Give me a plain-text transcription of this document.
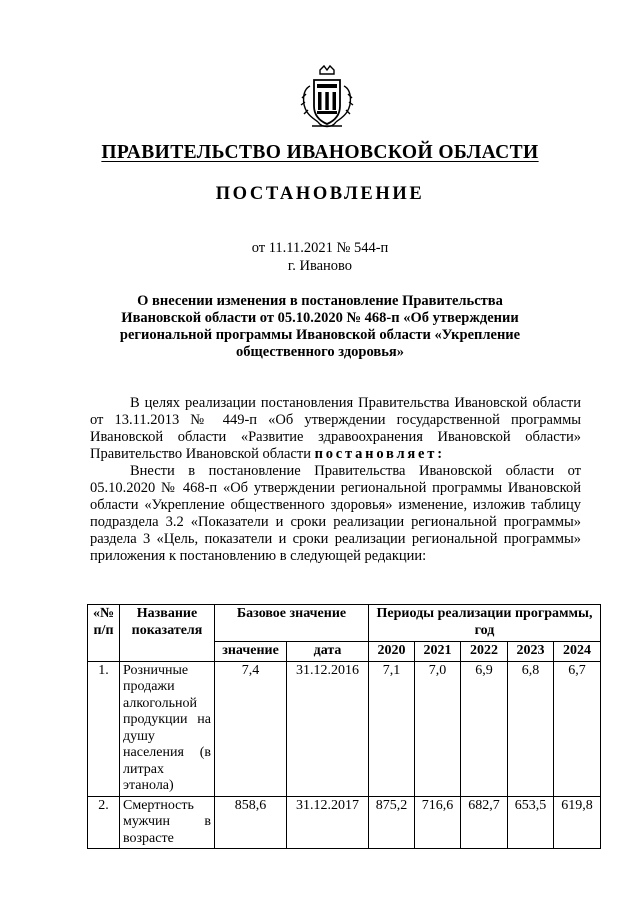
ПРАВИТЕЛЬСТВО ИВАНОВСКОЙ ОБЛАСТИ
ПОСТАНОВЛЕНИЕ
от 11.11.2021 № 544-п
г. Иваново
О внесении изменения в постановление Правительства
Ивановской области от 05.10.2020 № 468-п «Об утверждении
региональной программы Ивановской области «Укрепление
общественного здоровья»

В целях реализации постановления Правительства Ивановской области от 13.11.2013 № 449-п «Об утверждении государственной программы Ивановской области «Развитие здравоохранения Ивановской области» Правительство Ивановской области постановляет:

Внести в постановление Правительства Ивановской области от 05.10.2020 № 468-п «Об утверждении региональной программы Ивановской области «Укрепление общественного здоровья» изменение, изложив таблицу подраздела 3.2 «Показатели и сроки реализации региональной программы» раздела 3 «Цель, показатели и сроки реализации региональной программы» приложения к постановлению в следующей редакции:

«№ п/п	Название показателя	Базовое значение		Периоды реализации программы, год				
		значение	дата	2020	2021	2022	2023	2024
1.	Розничные продажи алкогольной продукции на душу населения (в литрах этанола)	7,4	31.12.2016	7,1	7,0	6,9	6,8	6,7
2.	Смертность мужчин в возрасте	858,6	31.12.2017	875,2	716,6	682,7	653,5	619,8
